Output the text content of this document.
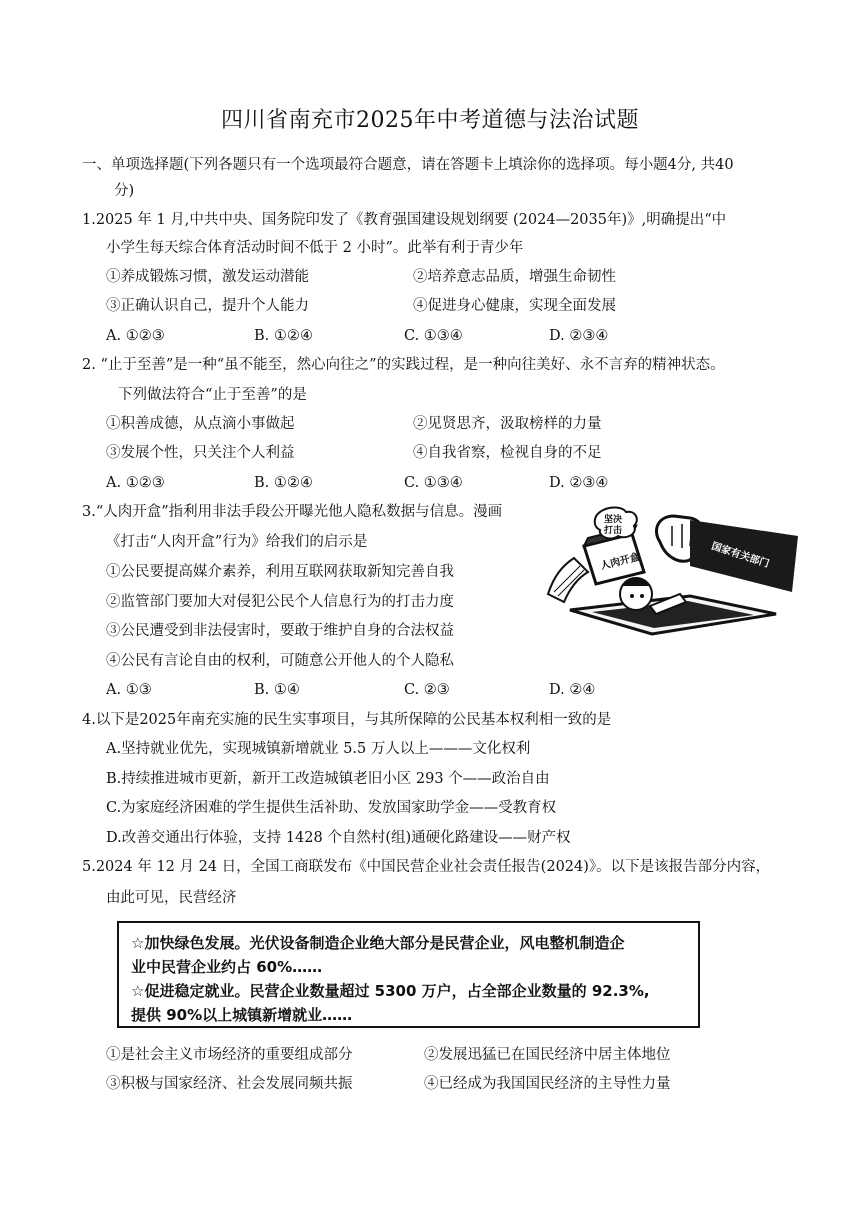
四川省南充市2025年中考道德与法治试题
一、单项选择题(下列各题只有一个选项最符合题意，请在答题卡上填涂你的选择项。每小题4分, 共40
分)
1.2025 年 1 月,中共中央、国务院印发了《教育强国建设规划纲要 (2024—2035年)》,明确提出“中
小学生每天综合体育活动时间不低于 2 小时”。此举有利于青少年
①养成锻炼习惯，激发运动潜能	②培养意志品质，增强生命韧性
③正确认识自己，提升个人能力	④促进身心健康，实现全面发展
A. ①②③	B. ①②④	C. ①③④	D. ②③④
2. “止于至善”是一种“虽不能至，然心向往之”的实践过程，是一种向往美好、永不言弃的精神状态。
下列做法符合“止于至善”的是
①积善成德，从点滴小事做起	②见贤思齐，汲取榜样的力量
③发展个性，只关注个人利益	④自我省察，检视自身的不足
A. ①②③	B. ①②④	C. ①③④	D. ②③④
3.“人肉开盒”指利用非法手段公开曝光他人隐私数据与信息。漫画
《打击“人肉开盒”行为》给我们的启示是
①公民要提高媒介素养，利用互联网获取新知完善自我
②监管部门要加大对侵犯公民个人信息行为的打击力度
③公民遭受到非法侵害时，要敢于维护自身的合法权益
④公民有言论自由的权利，可随意公开他人的个人隐私
A. ①③	B. ①④	C. ②③	D. ②④
人肉开盒	国家有关部门
坚决
打击
4.以下是2025年南充实施的民生实事项目，与其所保障的公民基本权利相一致的是
A.坚持就业优先，实现城镇新增就业 5.5 万人以上———文化权利
B.持续推进城市更新，新开工改造城镇老旧小区 293 个——政治自由
C.为家庭经济困难的学生提供生活补助、发放国家助学金——受教育权
D.改善交通出行体验，支持 1428 个自然村(组)通硬化路建设——财产权
5.2024 年 12 月 24 日，全国工商联发布《中国民营企业社会责任报告(2024)》。以下是该报告部分内容，
由此可见，民营经济
☆加快绿色发展。光伏设备制造企业绝大部分是民营企业，风电整机制造企
业中民营企业约占 60%……
☆促进稳定就业。民营企业数量超过 5300 万户，占全部企业数量的 92.3%,
提供 90%以上城镇新增就业……
①是社会主义市场经济的重要组成部分	②发展迅猛已在国民经济中居主体地位
③积极与国家经济、社会发展同频共振	④已经成为我国国民经济的主导性力量
